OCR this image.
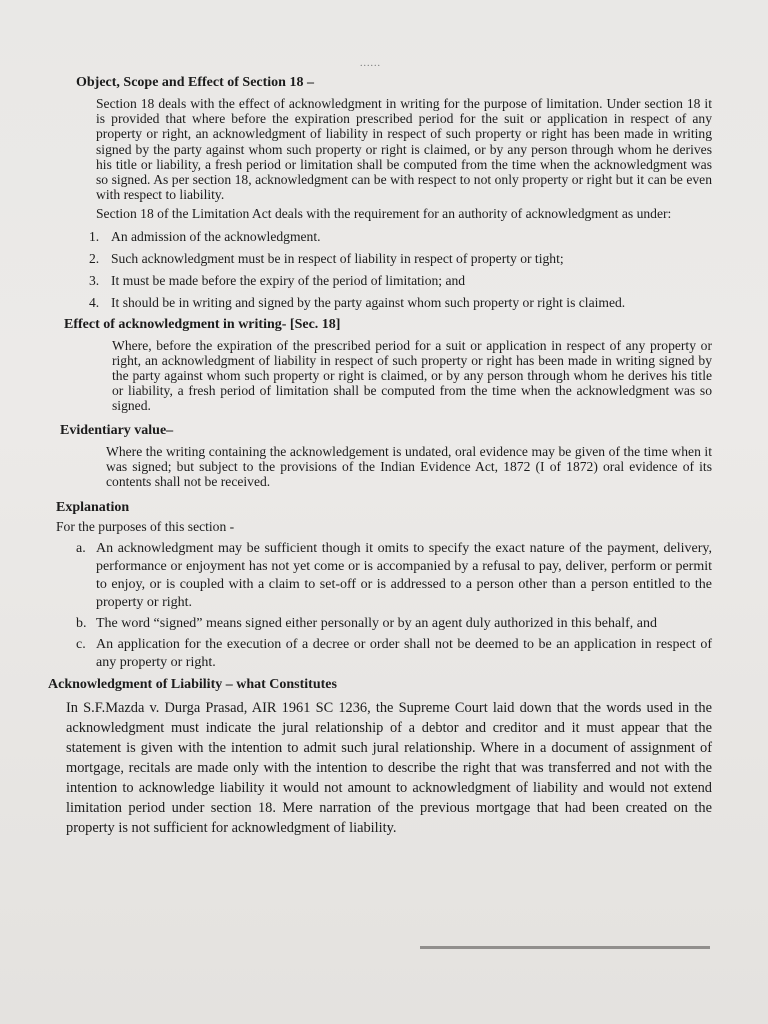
......
Object, Scope and Effect of Section 18 –

Section 18 deals with the effect of acknowledgment in writing for the purpose of limitation. Under section 18 it is provided that where before the expiration prescribed period for the suit or application in respect of any property or right, an acknowledgment of liability in respect of such property or right has been made in writing signed by the party against whom such property or right is claimed, or by any person through whom he derives his title or liability, a fresh period or limitation shall be computed from the time when the acknowledgment was so signed. As per section 18, acknowledgment can be with respect to not only property or right but it can be even with respect to liability.

Section 18 of the Limitation Act deals with the requirement for an authority of acknowledgment as under:

1. An admission of the acknowledgment.
2. Such acknowledgment must be in respect of liability in respect of property or tight;
3. It must be made before the expiry of the period of limitation; and
4. It should be in writing and signed by the party against whom such property or right is claimed.
Effect of acknowledgment in writing- [Sec. 18]

Where, before the expiration of the prescribed period for a suit or application in respect of any property or right, an acknowledgment of liability in respect of such property or right has been made in writing signed by the party against whom such property or right is claimed, or by any person through whom he derives his title or liability, a fresh period of limitation shall be computed from the time when the acknowledgment was so signed.

Evidentiary value–

Where the writing containing the acknowledgement is undated, oral evidence may be given of the time when it was signed; but subject to the provisions of the Indian Evidence Act, 1872 (I of 1872) oral evidence of its contents shall not be received.

Explanation

For the purposes of this section -

a. An acknowledgment may be sufficient though it omits to specify the exact nature of the payment, delivery, performance or enjoyment has not yet come or is accompanied by a refusal to pay, deliver, perform or permit to enjoy, or is coupled with a claim to set-off or is addressed to a person other than a person entitled to the property or right.
b. The word “signed” means signed either personally or by an agent duly authorized in this behalf, and
c. An application for the execution of a decree or order shall not be deemed to be an application in respect of any property or right.
Acknowledgment of Liability – what Constitutes

In S.F.Mazda v. Durga Prasad, AIR 1961 SC 1236, the Supreme Court laid down that the words used in the acknowledgment must indicate the jural relationship of a debtor and creditor and it must appear that the statement is given with the intention to admit such jural relationship. Where in a document of assignment of mortgage, recitals are made only with the intention to describe the right that was transferred and not with the intention to acknowledge liability it would not amount to acknowledgment of liability and would not extend limitation period under section 18. Mere narration of the previous mortgage that had been created on the property is not sufficient for acknowledgment of liability.
